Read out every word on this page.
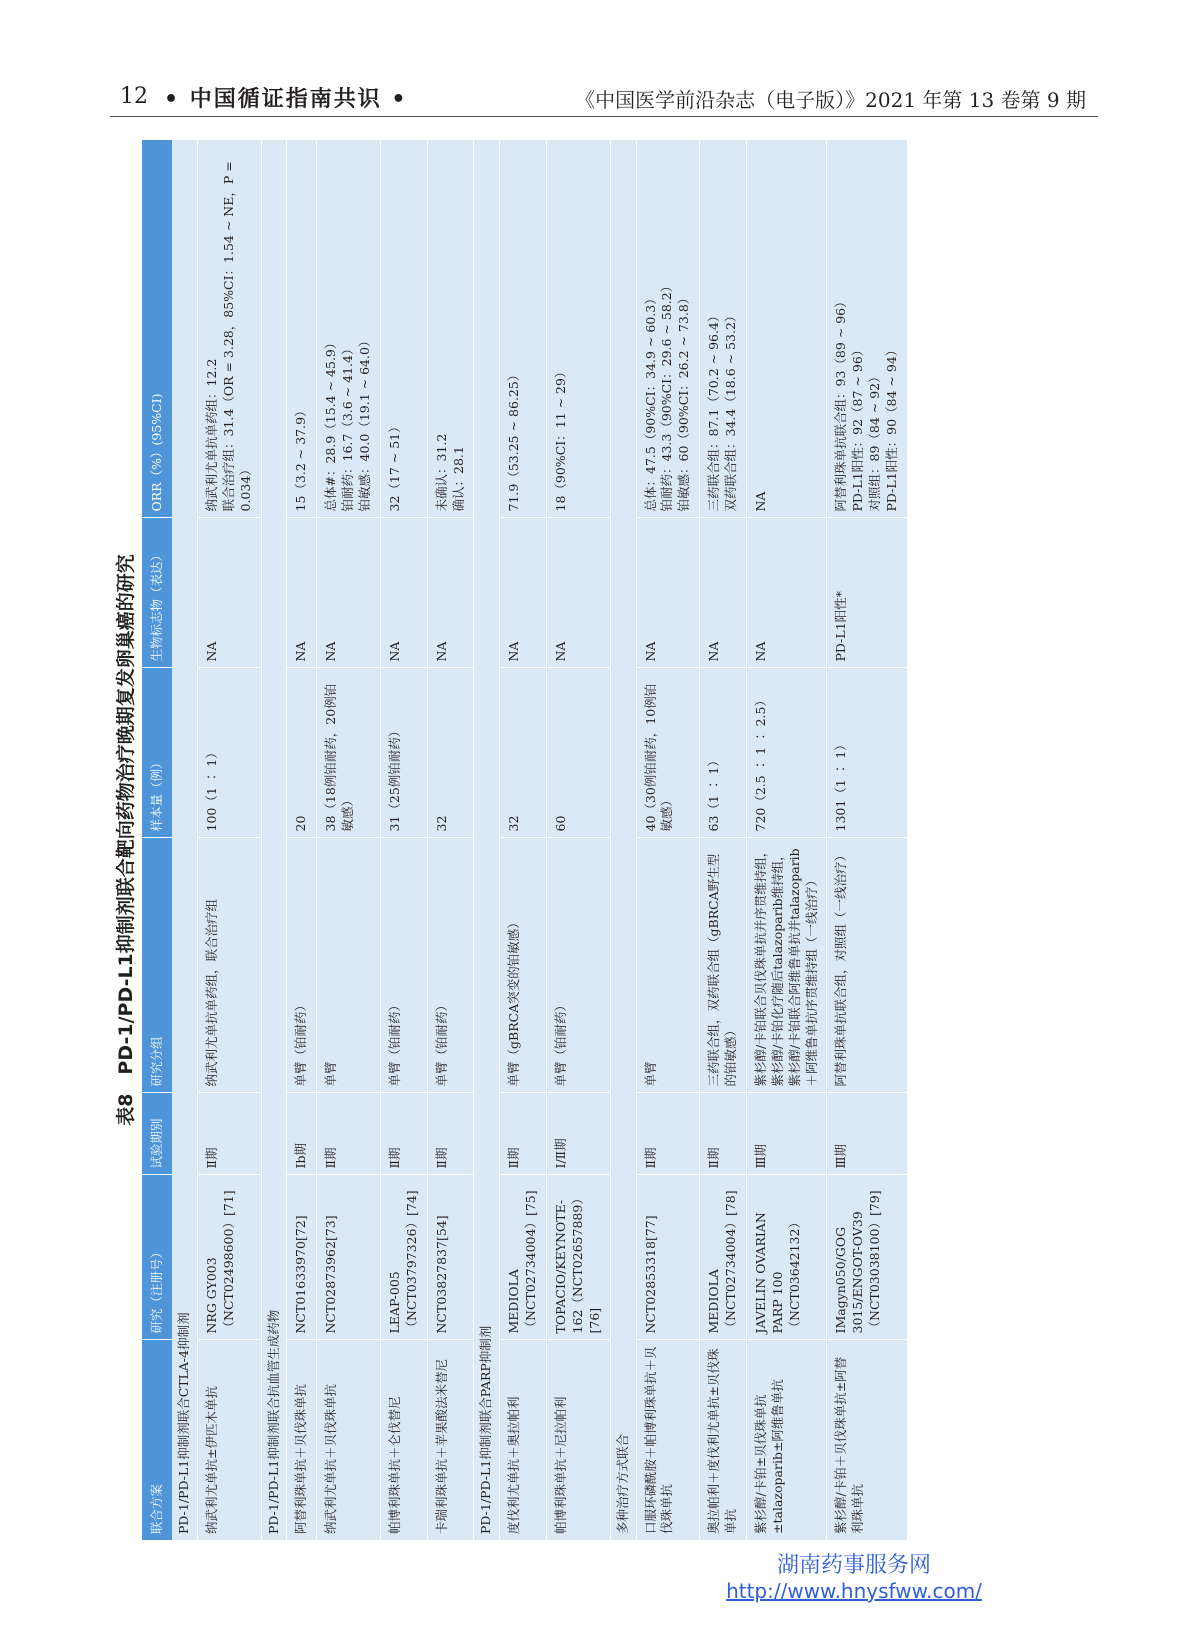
12 • 中国循证指南共识 •	《中国医学前沿杂志（电子版）》2021 年第 13 卷第 9 期
表8　PD-1/PD-L1抑制剂联合靶向药物治疗晚期复发卵巢癌的研究
联合方案	研究（注册号）	试验期别	研究分组	样本量（例）	生物标志物（表达）	ORR（%）(95%CI)
PD-1/PD-L1抑制剂联合CTLA-4抑制剂						
纳武利尤单抗±伊匹木单抗	NRG GY003（NCT02498600）[71]	Ⅱ期	纳武利尤单抗单药组，联合治疗组	100（1 ∶ 1）	NA	纳武利尤单抗单药组：12.2
联合治疗组：31.4（OR = 3.28，85%CI：1.54 ~ NE，P = 0.034）
PD-1/PD-L1抑制剂联合抗血管生成药物						
阿替利珠单抗＋贝伐珠单抗	NCT01633970[72]	Ⅰb期	单臂（铂耐药）	20	NA	15（3.2 ~ 37.9）
纳武利尤单抗＋贝伐珠单抗	NCT02873962[73]	Ⅱ期	单臂	38（18例铂耐药，20例铂敏感）	NA	总体#：28.9（15.4 ~ 45.9）
铂耐药：16.7（3.6 ~ 41.4）
铂敏感：40.0（19.1 ~ 64.0）
帕博利珠单抗＋仑伐替尼	LEAP-005（NCT03797326）[74]	Ⅱ期	单臂（铂耐药）	31（25例铂耐药）	NA	32（17 ~ 51）
卡瑞利珠单抗＋苹果酸法米替尼	NCT03827837[54]	Ⅱ期	单臂（铂耐药）	32	NA	未确认：31.2
确认：28.1
PD-1/PD-L1抑制剂联合PARP抑制剂						
度伐利尤单抗＋奥拉帕利	MEDIOLA（NCT02734004）[75]	Ⅱ期	单臂（gBRCA突变的铂敏感）	32	NA	71.9（53.25 ~ 86.25）
帕博利珠单抗＋尼拉帕利	TOPACIO/KEYNOTE-162（NCT02657889）[76]	Ⅰ/Ⅱ期	单臂（铂耐药）	60	NA	18（90%CI：11 ~ 29）
多种治疗方式联合						
口服环磷酰胺＋帕博利珠单抗＋贝伐珠单抗	NCT02853318[77]	Ⅱ期	单臂	40（30例铂耐药，10例铂敏感）	NA	总体：47.5（90%CI：34.9 ~ 60.3）
铂耐药：43.3（90%CI：29.6 ~ 58.2）
铂敏感：60（90%CI：26.2 ~ 73.8）
奥拉帕利＋度伐利尤单抗±贝伐珠单抗	MEDIOLA（NCT02734004）[78]	Ⅱ期	三药联合组，双药联合组（gBRCA野生型的铂敏感）	63（1 ∶ 1）	NA	三药联合组：87.1（70.2 ~ 96.4）
双药联合组：34.4（18.6 ~ 53.2）
紫杉醇/卡铂±贝伐珠单抗±talazoparib±阿维鲁单抗	JAVELIN OVARIAN PARP 100（NCT03642132）	Ⅲ期	紫杉醇/卡铂联合贝伐珠单抗并序贯维持组，紫杉醇/卡铂化疗随后talazoparib维持组，紫杉醇/卡铂联合阿维鲁单抗并talazoparib＋阿维鲁单抗序贯维持组（一线治疗）	720（2.5 ∶ 1 ∶ 2.5）	NA	NA
紫杉醇/卡铂＋贝伐珠单抗±阿替利珠单抗	IMagyn050/GOG 3015/ENGOT-OV39（NCT03038100）[79]	Ⅲ期	阿替利珠单抗联合组，对照组（一线治疗）	1301（1 ∶ 1）	PD-L1阳性*	阿替利珠单抗联合组：93（89 ~ 96）
PD-L1阳性：92（87 ~ 96）
对照组：89（84 ~ 92）
PD-L1阳性：90（84 ~ 94）
湖南药事服务网
http://www.hnysfww.com/
